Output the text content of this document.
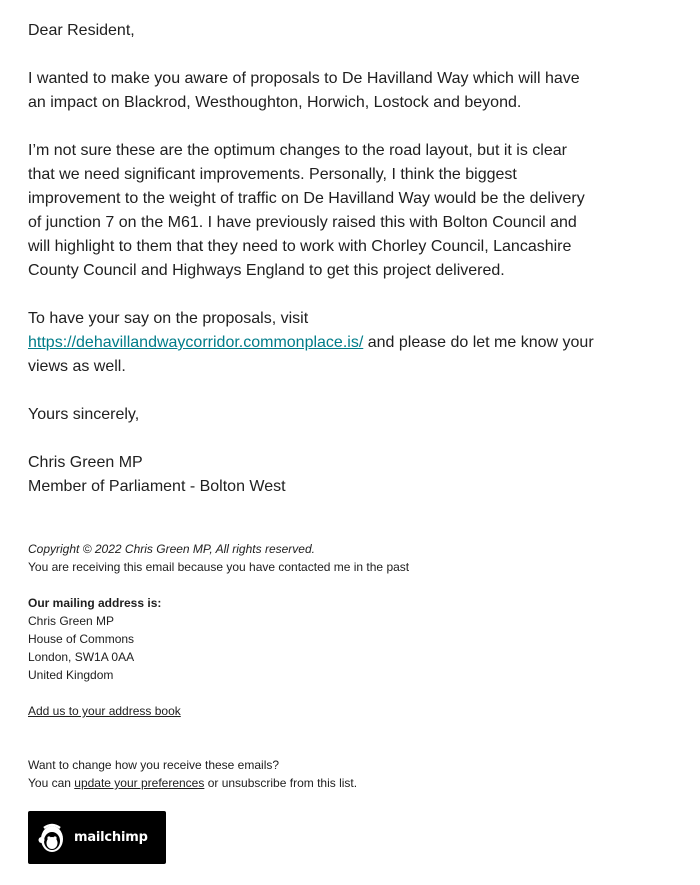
Dear Resident,

I wanted to make you aware of proposals to De Havilland Way which will have an impact on Blackrod, Westhoughton, Horwich, Lostock and beyond.

I’m not sure these are the optimum changes to the road layout, but it is clear that we need significant improvements. Personally, I think the biggest improvement to the weight of traffic on De Havilland Way would be the delivery of junction 7 on the M61. I have previously raised this with Bolton Council and will highlight to them that they need to work with Chorley Council, Lancashire County Council and Highways England to get this project delivered.

To have your say on the proposals, visit https://dehavillandwaycorridor.commonplace.is/ and please do let me know your views as well.

Yours sincerely,

Chris Green MP

Member of Parliament - Bolton West

Copyright © 2022 Chris Green MP, All rights reserved.

You are receiving this email because you have contacted me in the past

Our mailing address is:

Chris Green MP

House of Commons

London, SW1A 0AA

United Kingdom

Add us to your address book

Want to change how you receive these emails?

You can update your preferences or unsubscribe from this list.

mailchimp
